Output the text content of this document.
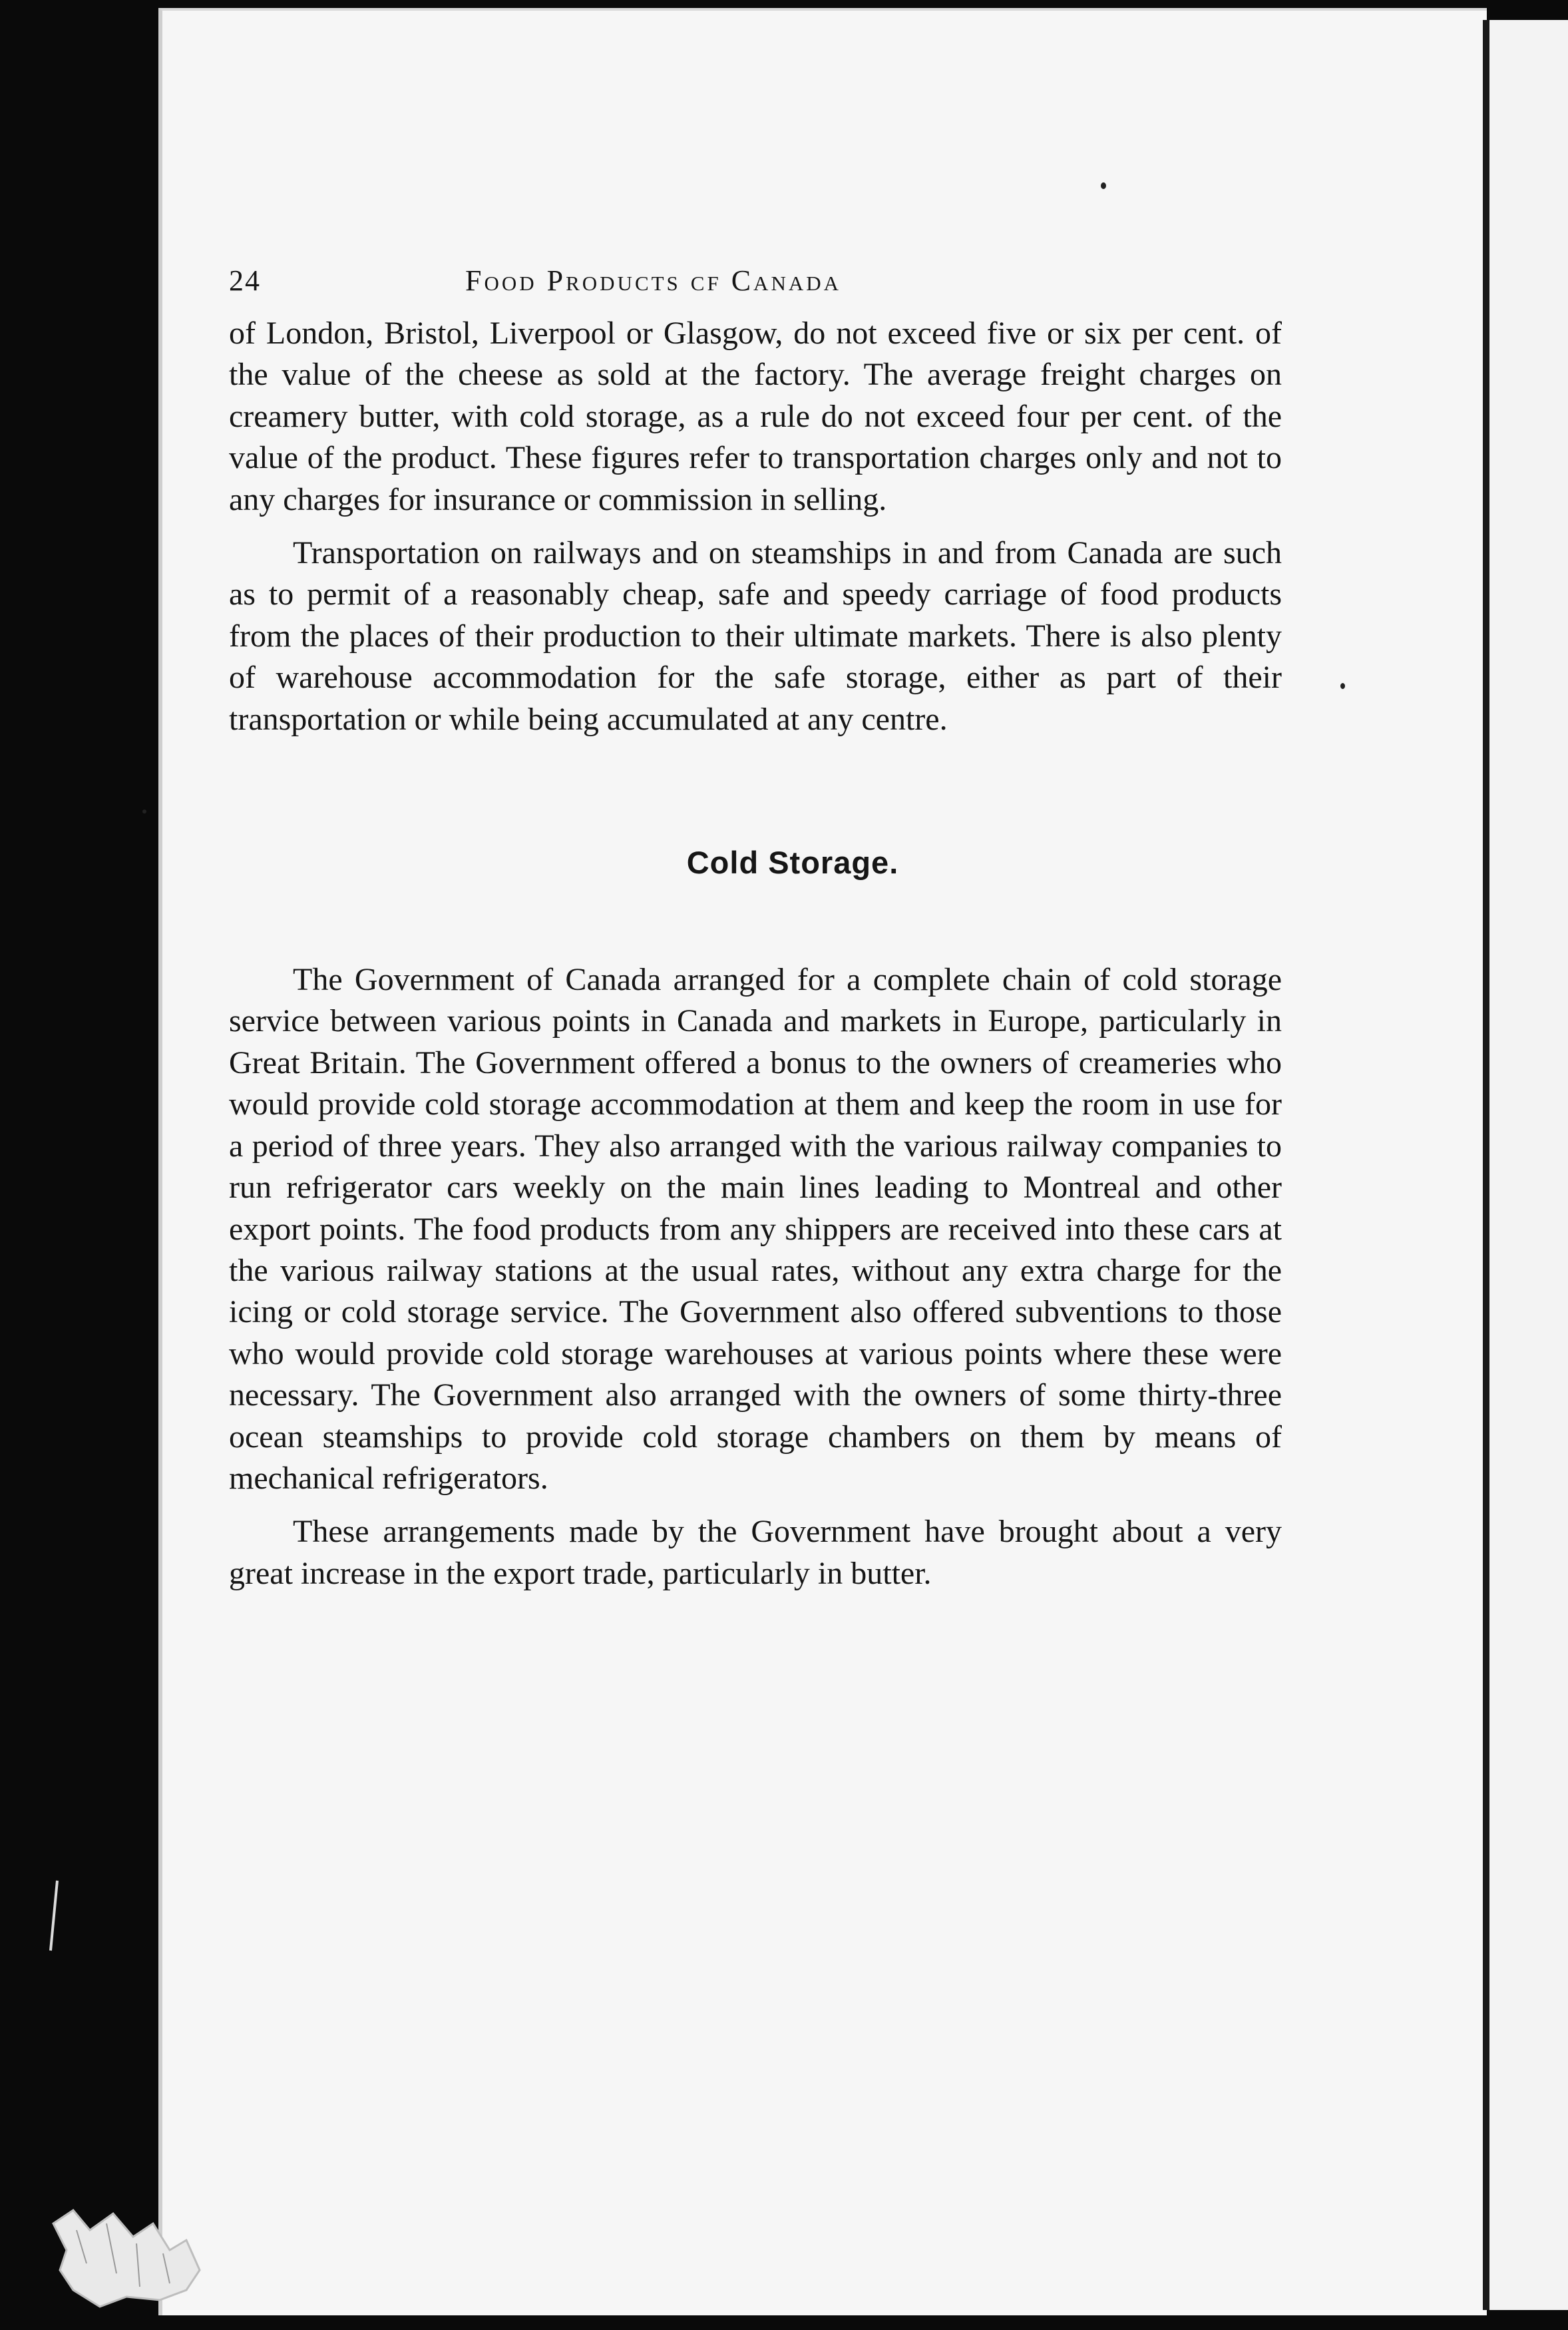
24	Food Products cf Canada

of London, Bristol, Liverpool or Glasgow, do not exceed five or six per cent. of the value of the cheese as sold at the factory. The average freight charges on creamery butter, with cold storage, as a rule do not exceed four per cent. of the value of the product. These figures refer to transportation charges only and not to any charges for insurance or commission in selling.

Transportation on railways and on steamships in and from Canada are such as to permit of a reasonably cheap, safe and speedy carriage of food products from the places of their production to their ultimate markets. There is also plenty of warehouse accommodation for the safe storage, either as part of their transportation or while being accumulated at any centre.

Cold Storage.

The Government of Canada arranged for a complete chain of cold storage service between various points in Canada and markets in Europe, particularly in Great Britain. The Government offered a bonus to the owners of creameries who would provide cold storage accommodation at them and keep the room in use for a period of three years. They also arranged with the various railway companies to run refrigerator cars weekly on the main lines leading to Montreal and other export points. The food products from any shippers are received into these cars at the various railway stations at the usual rates, without any extra charge for the icing or cold storage service. The Government also offered subventions to those who would provide cold storage warehouses at various points where these were necessary. The Government also arranged with the owners of some thirty-three ocean steamships to provide cold storage chambers on them by means of mechanical refrigerators.

These arrangements made by the Government have brought about a very great increase in the export trade, particularly in butter.
